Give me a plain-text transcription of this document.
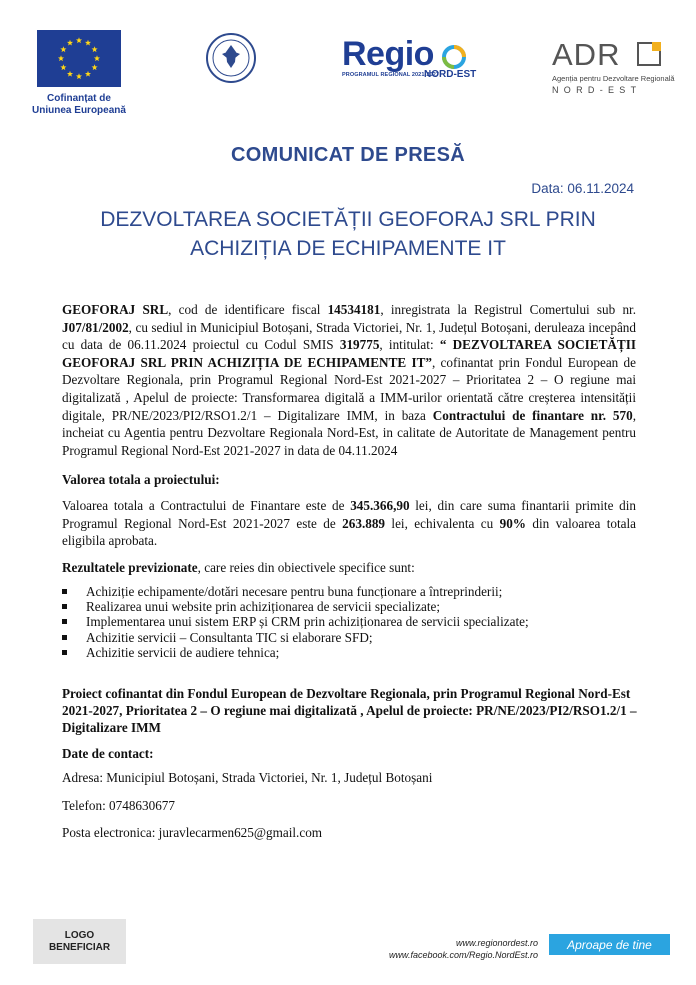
Cofinanțat de
Uniunea Europeană
Regio
PROGRAMUL REGIONAL 2021-2027
NORD-EST
ADR
Agenția pentru Dezvoltare Regională
NORD-EST
COMUNICAT DE PRESĂ
Data: 06.11.2024
DEZVOLTAREA SOCIETĂȚII GEOFORAJ SRL PRIN
ACHIZIȚIA DE ECHIPAMENTE IT
GEOFORAJ SRL, cod de identificare fiscal 14534181, inregistrata la Registrul Comertului sub nr. J07/81/2002, cu sediul in Municipiul Botoșani, Strada Victoriei, Nr. 1, Județul Botoșani, deruleaza incepând cu data de 06.11.2024 proiectul cu Codul SMIS 319775, intitulat: “ DEZVOLTAREA SOCIETĂȚII GEOFORAJ SRL PRIN ACHIZIȚIA DE ECHIPAMENTE IT”, cofinantat prin Fondul European de Dezvoltare Regionala, prin Programul Regional Nord-Est 2021-2027 – Prioritatea 2 – O regiune mai digitalizată , Apelul de proiecte: Transformarea digitală a IMM-urilor orientată către creșterea intensității digitale, PR/NE/2023/PI2/RSO1.2/1 – Digitalizare IMM, in baza Contractului de finantare nr. 570, incheiat cu Agentia pentru Dezvoltare Regionala Nord-Est, in calitate de Autoritate de Management pentru Programul Regional Nord-Est 2021-2027 in data de 04.11.2024
Valorea totala a proiectului:
Valoarea totala a Contractului de Finantare este de 345.366,90 lei, din care suma finantarii primite din Programul Regional Nord-Est 2021-2027 este de 263.889 lei, echivalenta cu 90% din valoarea totala eligibila aprobata.
Rezultatele previzionate, care reies din obiectivele specifice sunt:
Achiziție echipamente/dotări necesare pentru buna funcționare a întreprinderii;
Realizarea unui website prin achiziționarea de servicii specializate;
Implementarea unui sistem ERP și CRM prin achiziționarea de servicii specializate;
Achizitie servicii – Consultanta TIC si elaborare SFD;
Achizitie servicii de audiere tehnica;
Proiect cofinantat din Fondul European de Dezvoltare Regionala, prin Programul Regional Nord-Est 2021-2027, Prioritatea 2 – O regiune mai digitalizată , Apelul de proiecte: PR/NE/2023/PI2/RSO1.2/1 – Digitalizare IMM
Date de contact:
Adresa: Municipiul Botoșani, Strada Victoriei, Nr. 1, Județul Botoșani
Telefon: 0748630677
Posta electronica: juravlecarmen625@gmail.com
LOGO
BENEFICIAR	www.regionordest.ro
www.facebook.com/Regio.NordEst.ro
Aproape de tine
